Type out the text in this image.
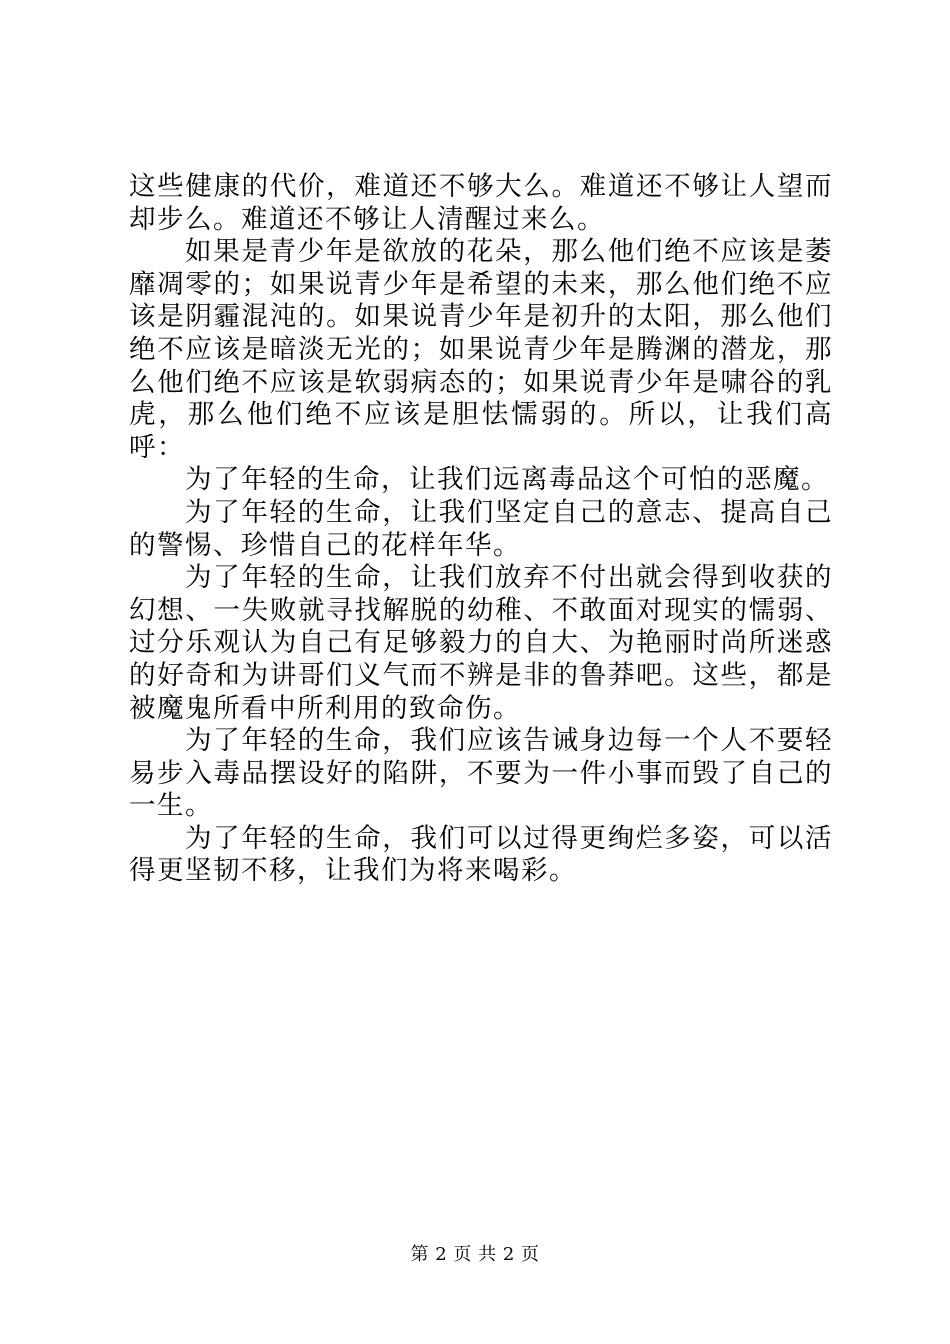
这些健康的代价，难道还不够大么。难道还不够让人望而却步么。难道还不够让人清醒过来么。

如果是青少年是欲放的花朵，那么他们绝不应该是萎靡凋零的；如果说青少年是希望的未来，那么他们绝不应该是阴霾混沌的。如果说青少年是初升的太阳，那么他们绝不应该是暗淡无光的；如果说青少年是腾渊的潜龙，那么他们绝不应该是软弱病态的；如果说青少年是啸谷的乳虎，那么他们绝不应该是胆怯懦弱的。所以，让我们高呼：

为了年轻的生命，让我们远离毒品这个可怕的恶魔。

为了年轻的生命，让我们坚定自己的意志、提高自己的警惕、珍惜自己的花样年华。

为了年轻的生命，让我们放弃不付出就会得到收获的幻想、一失败就寻找解脱的幼稚、不敢面对现实的懦弱、过分乐观认为自己有足够毅力的自大、为艳丽时尚所迷惑的好奇和为讲哥们义气而不辨是非的鲁莽吧。这些，都是被魔鬼所看中所利用的致命伤。

为了年轻的生命，我们应该告诫身边每一个人不要轻易步入毒品摆设好的陷阱，不要为一件小事而毁了自己的一生。

为了年轻的生命，我们可以过得更绚烂多姿，可以活得更坚韧不移，让我们为将来喝彩。

第 2 页 共 2 页
